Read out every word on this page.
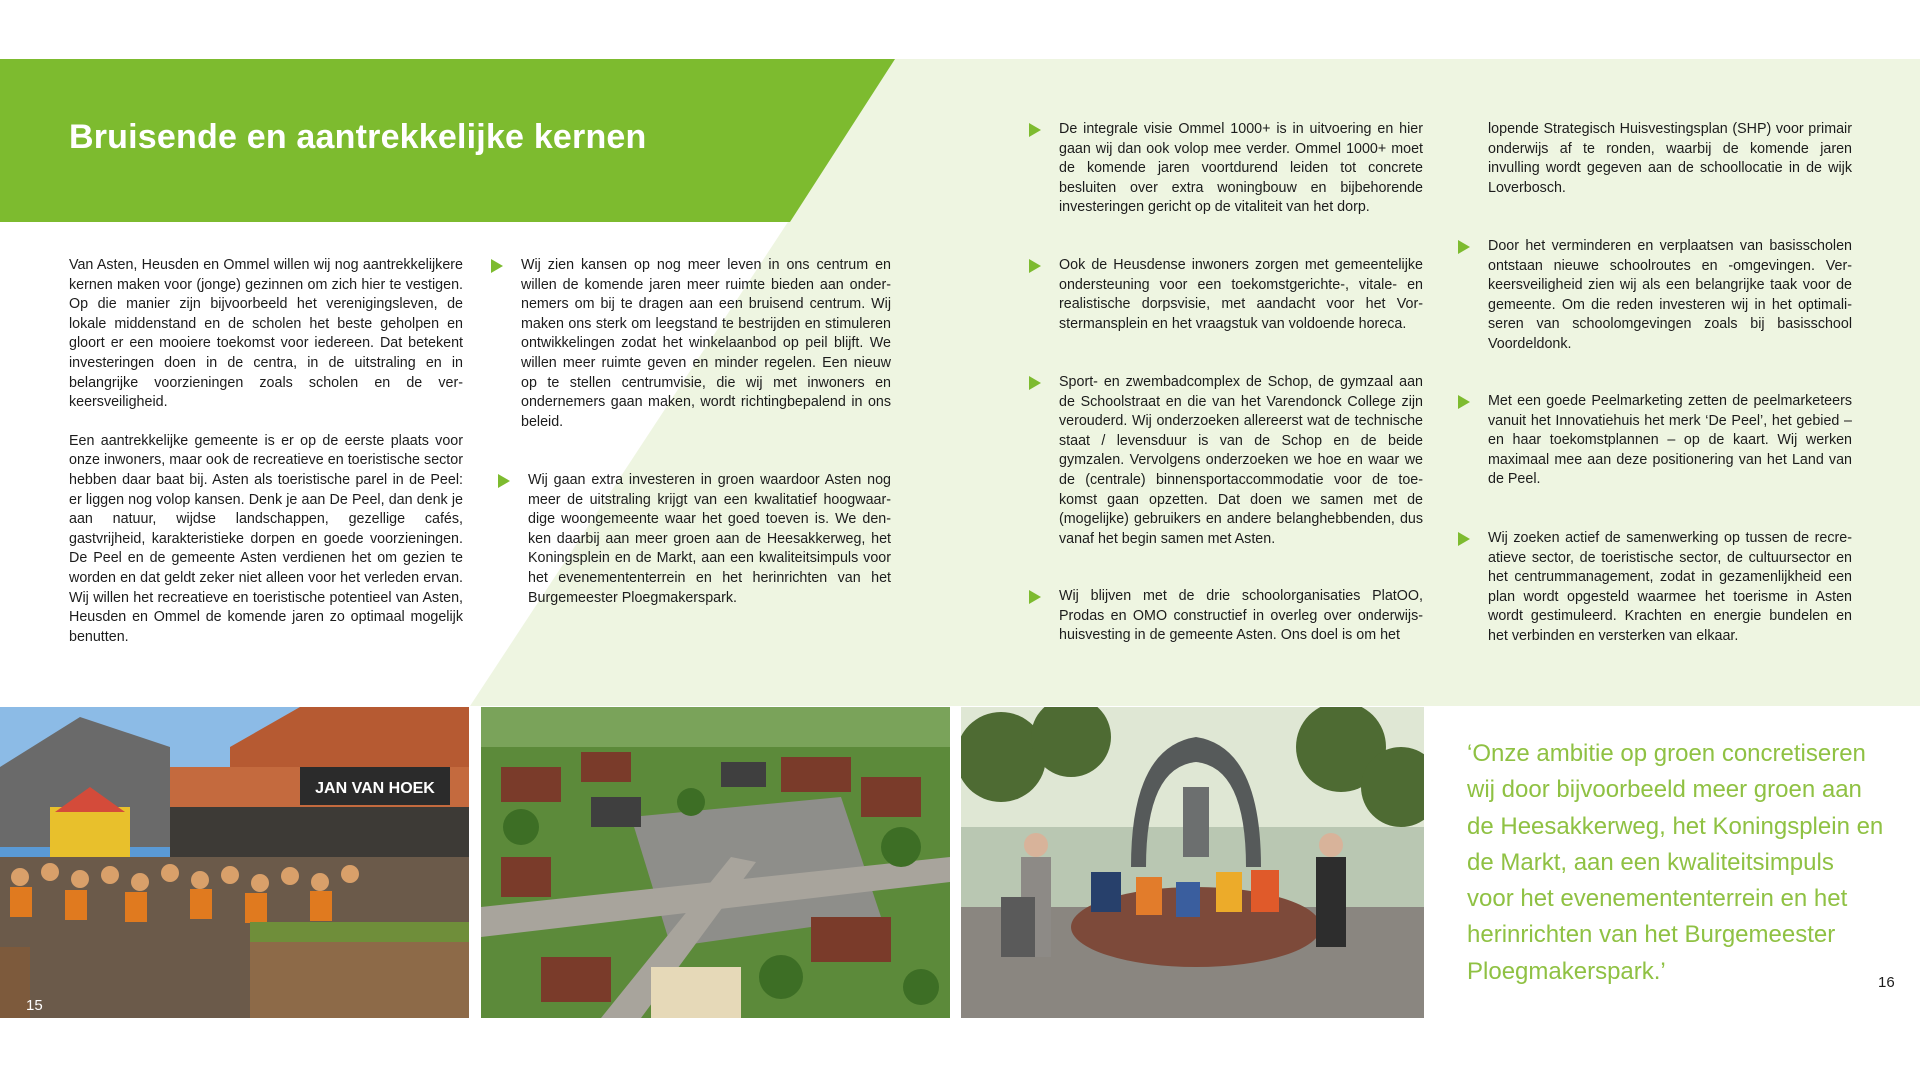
Bruisende en aantrekkelijke kernen

Van Asten, Heusden en Ommel willen wij nog aantrekkelijkere kernen maken voor (jonge) gezinnen om zich hier te vestigen. Op die manier zijn bijvoorbeeld het verenigingsleven, de lokale middenstand en de scholen het beste geholpen en gloort er een mooiere toekomst voor iedereen. Dat betekent investeringen doen in de centra, in de uitstraling en in belangrijke voorzieningen zoals scholen en de verkeersveiligheid.

Een aantrekkelijke gemeente is er op de eerste plaats voor onze inwoners, maar ook de recreatieve en toeristische sector hebben daar baat bij. Asten als toeristische parel in de Peel: er liggen nog volop kansen. Denk je aan De Peel, dan denk je aan natuur, wijdse landschappen, gezellige cafés, gastvrijheid, karakteristieke dorpen en goede voorzieningen. De Peel en de gemeente Asten verdienen het om gezien te worden en dat geldt zeker niet alleen voor het verleden ervan. Wij willen het recreatieve en toeristische potentieel van Asten, Heusden en Ommel de komende jaren zo optimaal mogelijk benutten.

Wij zien kansen op nog meer leven in ons centrum en willen de komende jaren meer ruimte bieden aan ondernemers om bij te dragen aan een bruisend centrum. Wij maken ons sterk om leegstand te bestrijden en stimuleren ontwikkelingen zodat het winkelaanbod op peil blijft. We willen meer ruimte geven en minder regelen. Een nieuw op te stellen centrumvisie, die wij met inwoners en ondernemers gaan maken, wordt richtingbepalend in ons beleid.
Wij gaan extra investeren in groen waardoor Asten nog meer de uitstraling krijgt van een kwalitatief hoogwaardige woongemeente waar het goed toeven is. We denken daarbij aan meer groen aan de Heesakkerweg, het Koningsplein en de Markt, aan een kwaliteitsimpuls voor het evenemententerrein en het herinrichten van het Burgemeester Ploegmakerspark.
De integrale visie Ommel 1000+ is in uitvoering en hier gaan wij dan ook volop mee verder. Ommel 1000+ moet de komende jaren voortdurend leiden tot concrete besluiten over extra woningbouw en bijbehorende investeringen gericht op de vitaliteit van het dorp.
Ook de Heusdense inwoners zorgen met gemeentelijke ondersteuning voor een toekomstgerichte-, vitale- en realistische dorpsvisie, met aandacht voor het Vorstermansplein en het vraagstuk van voldoende horeca.
Sport- en zwembadcomplex de Schop, de gymzaal aan de Schoolstraat en die van het Varendonck College zijn verouderd. Wij onderzoeken allereerst wat de technische staat / levensduur is van de Schop en de beide gymzalen. Vervolgens onderzoeken we hoe en waar we de (centrale) binnensportaccommodatie voor de toekomst gaan opzetten. Dat doen we samen met de (mogelijke) gebruikers en andere belanghebbenden, dus vanaf het begin samen met Asten.
Wij blijven met de drie schoolorganisaties PlatOO, Prodas en OMO constructief in overleg over onderwijshuisvesting in de gemeente Asten. Ons doel is om het
lopende Strategisch Huisvestingsplan (SHP) voor primair onderwijs af te ronden, waarbij de komende jaren invulling wordt gegeven aan de schoollocatie in de wijk Loverbosch.
Door het verminderen en verplaatsen van basisscholen ontstaan nieuwe schoolroutes en -omgevingen. Verkeersveiligheid zien wij als een belangrijke taak voor de gemeente. Om die reden investeren wij in het optimaliseren van schoolomgevingen zoals bij basisschool Voordeldonk.
Met een goede Peelmarketing zetten de peelmarketeers vanuit het Innovatiehuis het merk ‘De Peel’, het gebied – en haar toekomstplannen – op de kaart. Wij werken maximaal mee aan deze positionering van het Land van de Peel.
Wij zoeken actief de samenwerking op tussen de recreatieve sector, de toeristische sector, de cultuursector en het centrummanagement, zodat in gezamenlijkheid een plan wordt opgesteld waarmee het toerisme in Asten wordt gestimuleerd. Krachten en energie bundelen en het verbinden en versterken van elkaar.
JAN VAN HOEK
15
‘Onze ambitie op groen concretiseren wij door bijvoorbeeld meer groen aan de Heesakkerweg, het Koningsplein en de Markt, aan een kwaliteitsimpuls voor het evenemententerrein en het herinrichten van het Burgemeester Ploegmakerspark.’	16
